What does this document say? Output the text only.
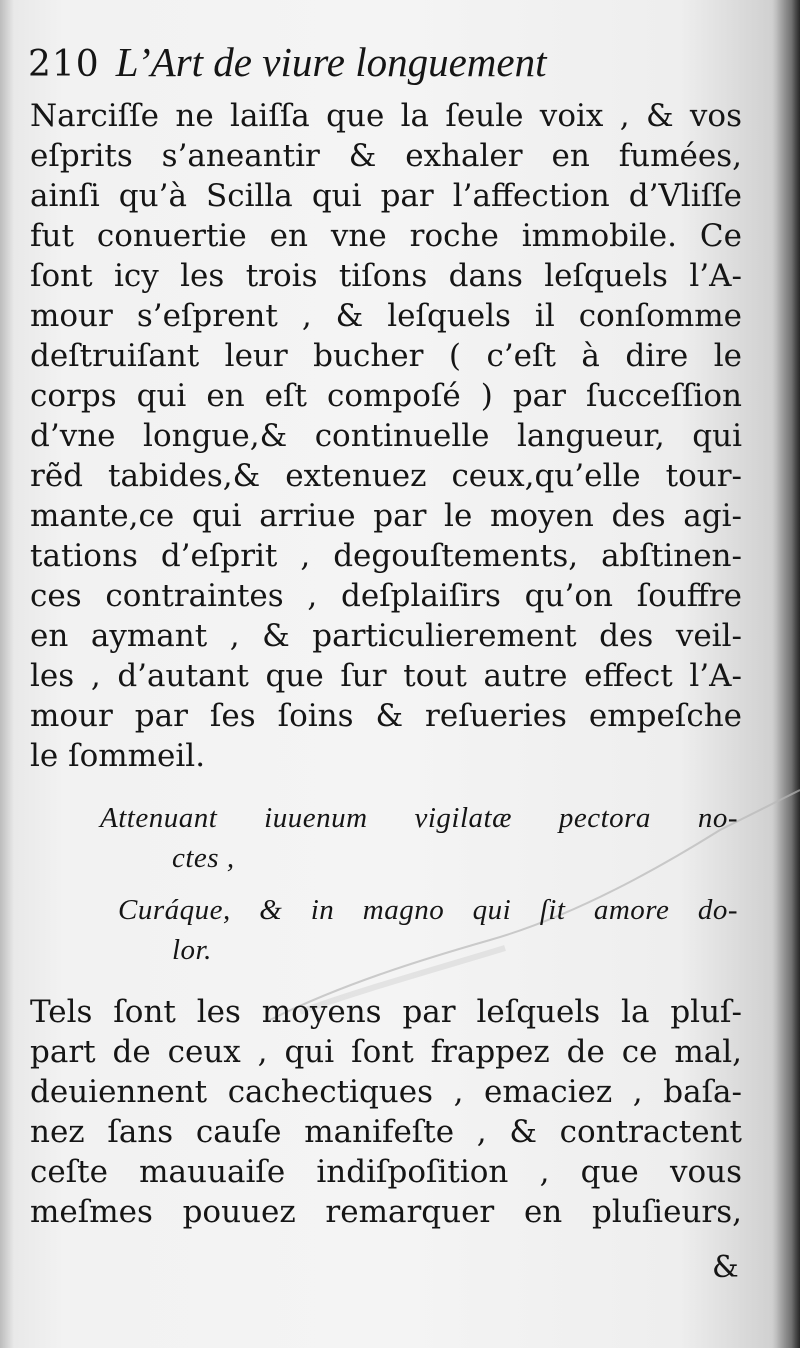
210 L’Art de viure longuement
Narciſſe ne laiſſa que la ſeule voix , & vos
eſprits s’aneantir & exhaler en fumées,
ainſi qu’à Scilla qui par l’affection d’Vliſſe
fut conuertie en vne roche immobile. Ce
ſont icy les trois tiſons dans leſquels l’A-
mour s’eſprent , & leſquels il conſomme
deſtruiſant leur bucher ( c’eſt à dire le
corps qui en eſt compoſé ) par ſucceſſion
d’vne longue,& continuelle langueur, qui
rẽd tabides,& extenuez ceux,qu’elle tour-
mante,ce qui arriue par le moyen des agi-
tations d’eſprit , degouſtements, abſtinen-
ces contraintes , deſplaiſirs qu’on ſouffre
en aymant , & particulierement des veil-
les , d’autant que ſur tout autre effect l’A-
mour par ſes ſoins & reſueries empeſche
le ſommeil.
Attenuant iuuenum vigilatæ pectora no-
ctes ,
Curáque, & in magno qui ſit amore do-
lor.
Tels ſont les moyens par leſquels la pluſ-
part de ceux , qui ſont frappez de ce mal,
deuiennent cachectiques , emaciez , baſa-
nez ſans cauſe manifeſte , & contractent
ceſte mauuaiſe indiſpoſition , que vous
meſmes pouuez remarquer en pluſieurs,
&
